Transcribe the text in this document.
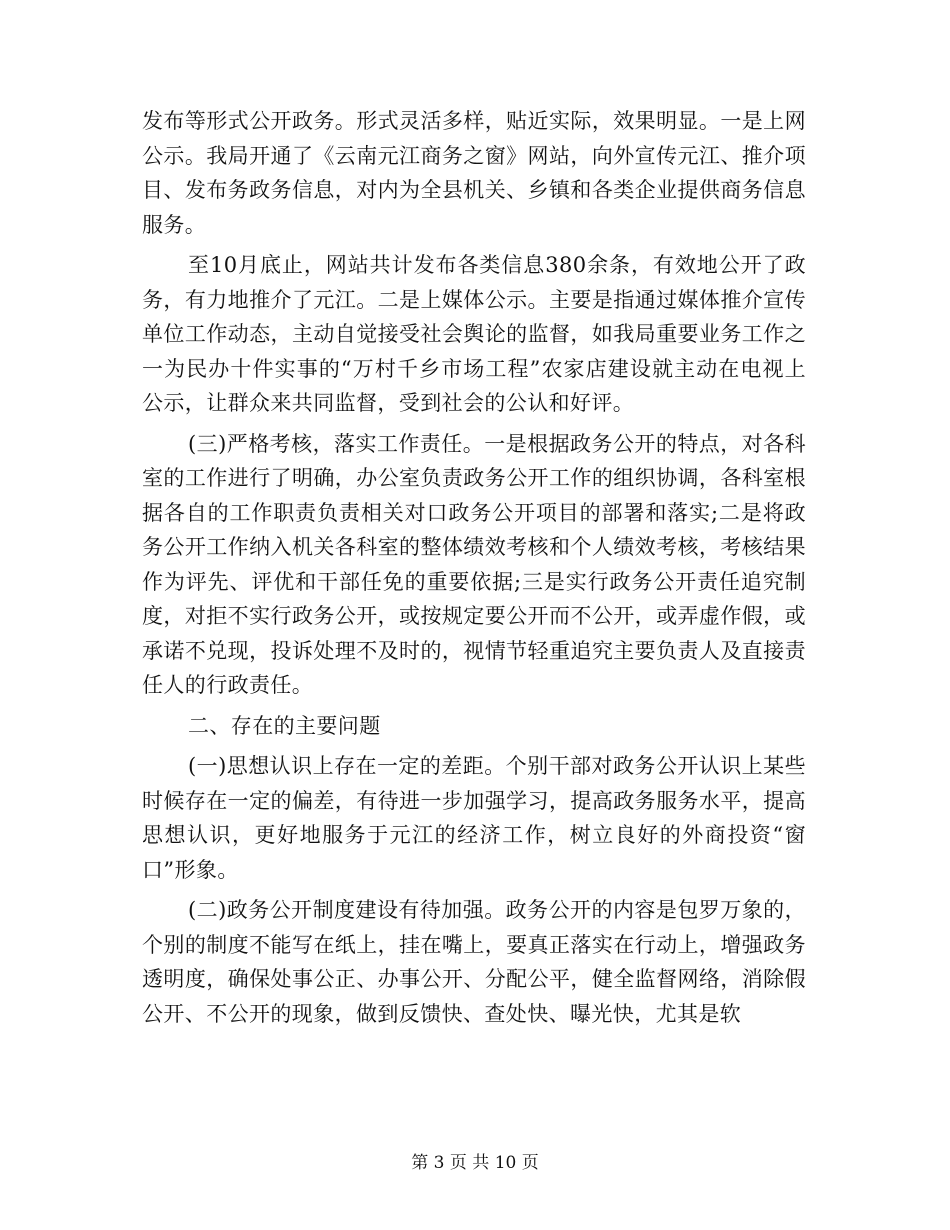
发布等形式公开政务。形式灵活多样，贴近实际，效果明显。一是上网公示。我局开通了《云南元江商务之窗》网站，向外宣传元江、推介项目、发布务政务信息，对内为全县机关、乡镇和各类企业提供商务信息服务。

至10月底止，网站共计发布各类信息380余条，有效地公开了政务，有力地推介了元江。二是上媒体公示。主要是指通过媒体推介宣传单位工作动态，主动自觉接受社会舆论的监督，如我局重要业务工作之一为民办十件实事的“万村千乡市场工程”农家店建设就主动在电视上公示，让群众来共同监督，受到社会的公认和好评。

(三)严格考核，落实工作责任。一是根据政务公开的特点，对各科室的工作进行了明确，办公室负责政务公开工作的组织协调，各科室根据各自的工作职责负责相关对口政务公开项目的部署和落实;二是将政务公开工作纳入机关各科室的整体绩效考核和个人绩效考核，考核结果作为评先、评优和干部任免的重要依据;三是实行政务公开责任追究制度，对拒不实行政务公开，或按规定要公开而不公开，或弄虚作假，或承诺不兑现，投诉处理不及时的，视情节轻重追究主要负责人及直接责任人的行政责任。

二、存在的主要问题

(一)思想认识上存在一定的差距。个别干部对政务公开认识上某些时候存在一定的偏差，有待进一步加强学习，提高政务服务水平，提高思想认识，更好地服务于元江的经济工作，树立良好的外商投资“窗口”形象。

(二)政务公开制度建设有待加强。政务公开的内容是包罗万象的，个别的制度不能写在纸上，挂在嘴上，要真正落实在行动上，增强政务透明度，确保处事公正、办事公开、分配公平，健全监督网络，消除假公开、不公开的现象，做到反馈快、查处快、曝光快，尤其是软

第 3 页 共 10 页
